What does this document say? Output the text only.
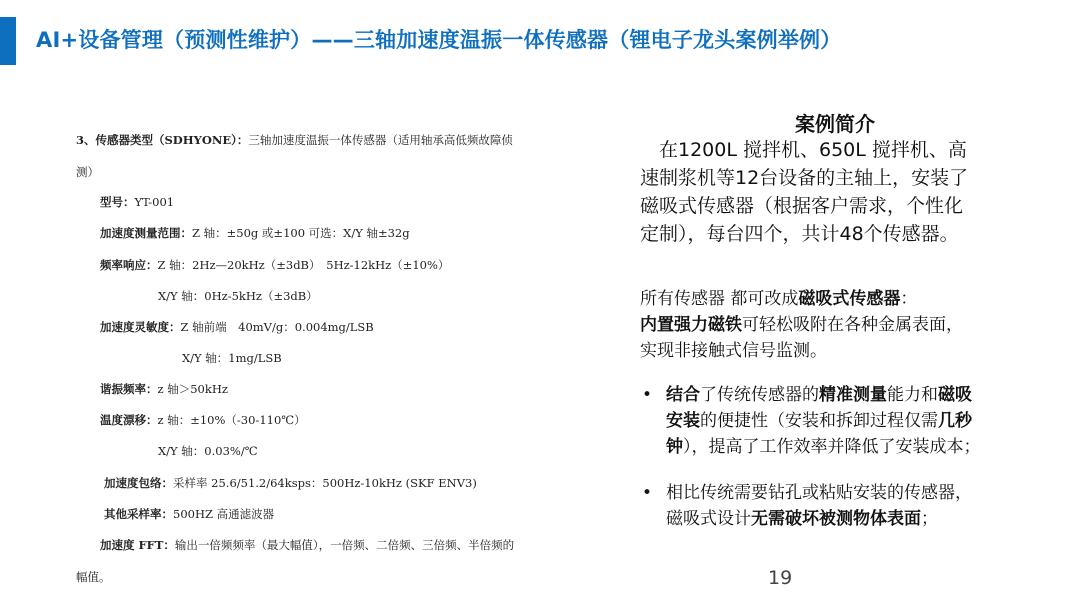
AI+设备管理（预测性维护）——三轴加速度温振一体传感器（锂电子龙头案例举例）
3、传感器类型（SDHYONE）：三轴加速度温振一体传感器（适用轴承高低频故障侦
测）
型号：YT-001
加速度测量范围：Z 轴：±50g 或±100 可选：X/Y 轴±32g
频率响应：Z 轴：2Hz—20kHz（±3dB）　5Hz-12kHz（±10%）
X/Y 轴：0Hz-5kHz（±3dB）
加速度灵敏度：Z 轴前端　40mV/g：0.004mg/LSB
X/Y 轴：1mg/LSB
谐振频率：z 轴＞50kHz
温度漂移：z 轴：±10%（-30-110℃）
X/Y 轴：0.03%/℃
加速度包络：采样率 25.6/51.2/64ksps：500Hz-10kHz (SKF ENV3)
其他采样率：500HZ 高通滤波器
加速度 FFT：输出一倍频频率（最大幅值），一倍频、二倍频、三倍频、半倍频的
幅值。
案例简介
　在1200L 搅拌机、650L 搅拌机、高
速制浆机等12台设备的主轴上，安装了
磁吸式传感器（根据客户需求，个性化
定制），每台四个，共计48个传感器。
所有传感器 都可改成磁吸式传感器：
内置强力磁铁可轻松吸附在各种金属表面，
实现非接触式信号监测。
• 结合了传统传感器的精准测量能力和磁吸
安装的便捷性（安装和拆卸过程仅需几秒
钟），提高了工作效率并降低了安装成本；
• 相比传统需要钻孔或粘贴安装的传感器，
磁吸式设计无需破坏被测物体表面；
19
